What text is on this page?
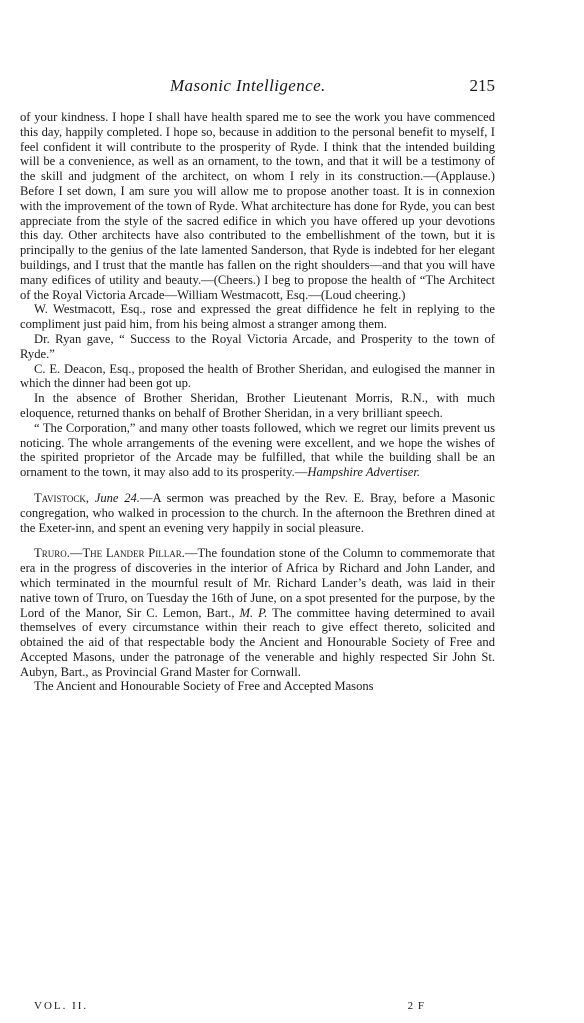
Masonic Intelligence.	215

of your kindness. I hope I shall have health spared me to see the work you have commenced this day, happily completed. I hope so, because in addition to the personal benefit to myself, I feel confident it will contribute to the prosperity of Ryde. I think that the intended building will be a convenience, as well as an ornament, to the town, and that it will be a testimony of the skill and judgment of the architect, on whom I rely in its construction.—(Applause.) Before I set down, I am sure you will allow me to propose another toast. It is in connexion with the improvement of the town of Ryde. What architecture has done for Ryde, you can best appreciate from the style of the sacred edifice in which you have offered up your devotions this day. Other architects have also contributed to the embellishment of the town, but it is principally to the genius of the late lamented Sanderson, that Ryde is indebted for her elegant buildings, and I trust that the mantle has fallen on the right shoulders—and that you will have many edifices of utility and beauty.—(Cheers.) I beg to propose the health of “The Architect of the Royal Victoria Arcade—William Westmacott, Esq.—(Loud cheering.)

W. Westmacott, Esq., rose and expressed the great diffidence he felt in replying to the compliment just paid him, from his being almost a stranger among them.

Dr. Ryan gave, “ Success to the Royal Victoria Arcade, and Prosperity to the town of Ryde.”

C. E. Deacon, Esq., proposed the health of Brother Sheridan, and eulogised the manner in which the dinner had been got up.

In the absence of Brother Sheridan, Brother Lieutenant Morris, R.N., with much eloquence, returned thanks on behalf of Brother Sheridan, in a very brilliant speech.

“ The Corporation,” and many other toasts followed, which we regret our limits prevent us noticing. The whole arrangements of the evening were excellent, and we hope the wishes of the spirited proprietor of the Arcade may be fulfilled, that while the building shall be an ornament to the town, it may also add to its prosperity.—Hampshire Advertiser.

Tavistock, June 24.—A sermon was preached by the Rev. E. Bray, before a Masonic congregation, who walked in procession to the church. In the afternoon the Brethren dined at the Exeter-inn, and spent an evening very happily in social pleasure.

Truro.—The Lander Pillar.—The foundation stone of the Column to commemorate that era in the progress of discoveries in the interior of Africa by Richard and John Lander, and which terminated in the mournful result of Mr. Richard Lander’s death, was laid in their native town of Truro, on Tuesday the 16th of June, on a spot presented for the purpose, by the Lord of the Manor, Sir C. Lemon, Bart., M. P. The committee having determined to avail themselves of every circumstance within their reach to give effect thereto, solicited and obtained the aid of that respectable body the Ancient and Honourable Society of Free and Accepted Masons, under the patronage of the venerable and highly respected Sir John St. Aubyn, Bart., as Provincial Grand Master for Cornwall.

The Ancient and Honourable Society of Free and Accepted Masons

VOL. II.	2 F
